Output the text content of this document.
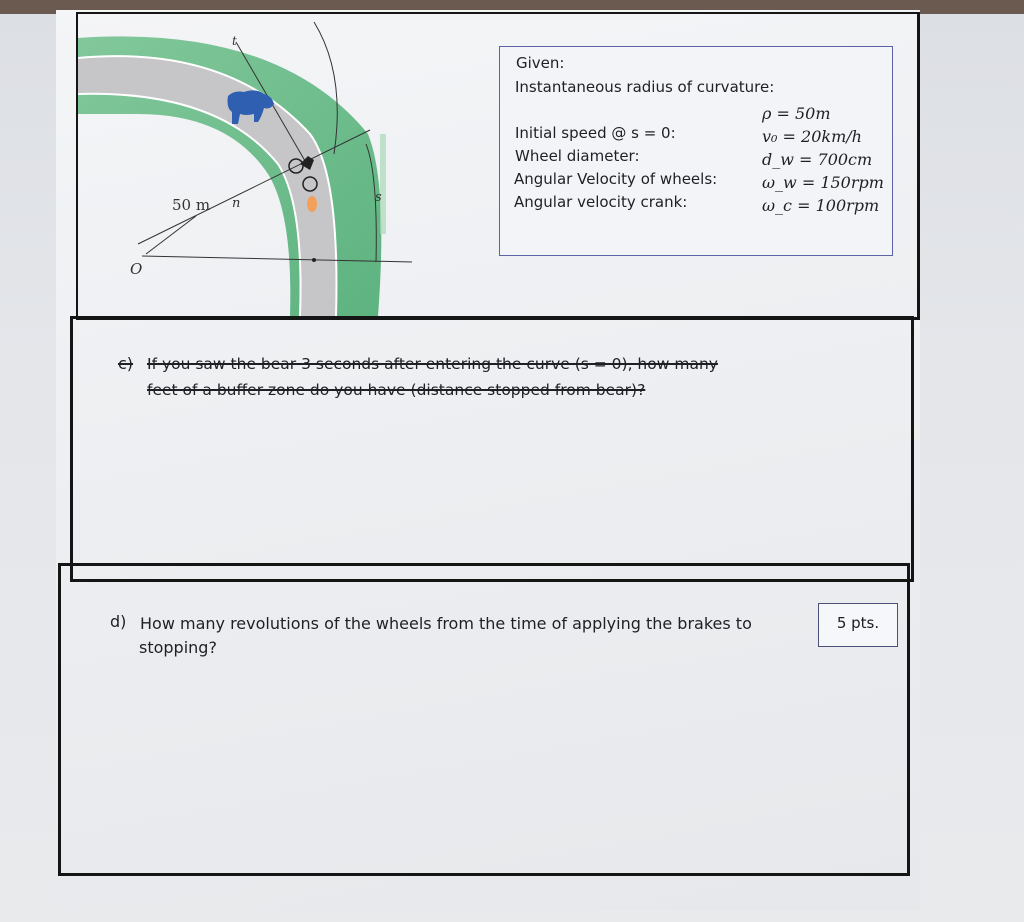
t
n	s
50 m
O
Given:
Instantaneous radius of curvature:
ρ = 50m
Initial speed @ s = 0:	v₀ = 20km/h
Wheel diameter:	d_w = 700cm
Angular Velocity of wheels:	ω_w = 150rpm
Angular velocity crank:	ω_c = 100rpm
c) If you saw the bear 3 seconds after entering the curve (s = 0), how many
feet of a buffer zone do you have (distance stopped from bear)?
d) How many revolutions of the wheels from the time of applying the brakes to
stopping?
5 pts.
